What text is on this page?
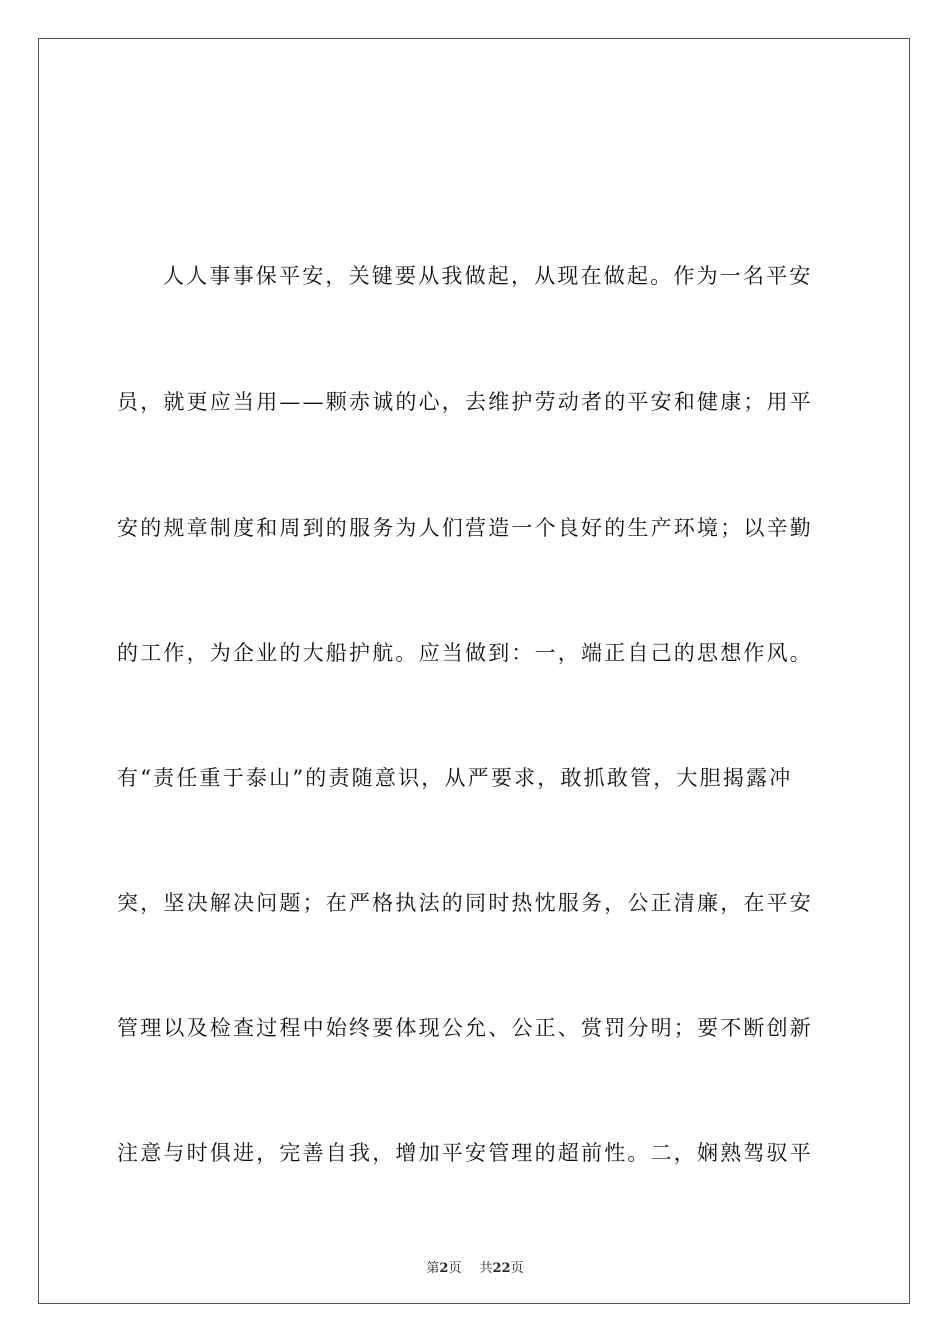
人人事事保平安，关键要从我做起，从现在做起。作为一名平安
员，就更应当用——颗赤诚的心，去维护劳动者的平安和健康；用平
安的规章制度和周到的服务为人们营造一个良好的生产环境；以辛勤
的工作，为企业的大船护航。应当做到：一，端正自己的思想作风。
有“责任重于泰山”的责随意识，从严要求，敢抓敢管，大胆揭露冲
突，坚决解决问题；在严格执法的同时热忱服务，公正清廉，在平安
管理以及检查过程中始终要体现公允、公正、赏罚分明；要不断创新
注意与时俱进，完善自我，增加平安管理的超前性。二，娴熟驾驭平
第2页 共22页
